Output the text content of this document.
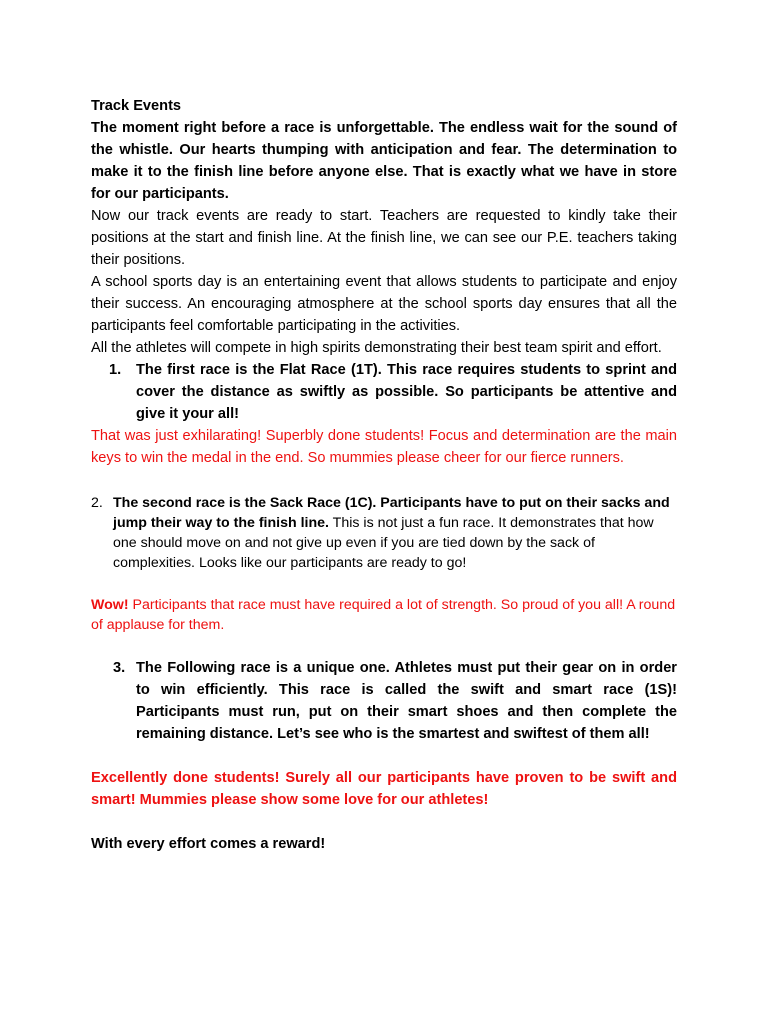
Track Events

The moment right before a race is unforgettable. The endless wait for the sound of the whistle. Our hearts thumping with anticipation and fear. The determination to make it to the finish line before anyone else. That is exactly what we have in store for our participants.

Now our track events are ready to start. Teachers are requested to kindly take their positions at the start and finish line. At the finish line, we can see our P.E. teachers taking their positions.

A school sports day is an entertaining event that allows students to participate and enjoy their success. An encouraging atmosphere at the school sports day ensures that all the participants feel comfortable participating in the activities.

All the athletes will compete in high spirits demonstrating their best team spirit and effort.

1. The first race is the Flat Race (1T). This race requires students to sprint and cover the distance as swiftly as possible. So participants be attentive and give it your all!

That was just exhilarating! Superbly done students! Focus and determination are the main keys to win the medal in the end. So mummies please cheer for our fierce runners.

2. The second race is the Sack Race (1C). Participants have to put on their sacks and jump their way to the finish line. This is not just a fun race. It demonstrates that how one should move on and not give up even if you are tied down by the sack of complexities. Looks like our participants are ready to go!

Wow! Participants that race must have required a lot of strength. So proud of you all! A round of applause for them.

3. The Following race is a unique one. Athletes must put their gear on in order to win efficiently. This race is called the swift and smart race (1S)! Participants must run, put on their smart shoes and then complete the remaining distance. Let’s see who is the smartest and swiftest of them all!

Excellently done students! Surely all our participants have proven to be swift and smart! Mummies please show some love for our athletes!

With every effort comes a reward!
